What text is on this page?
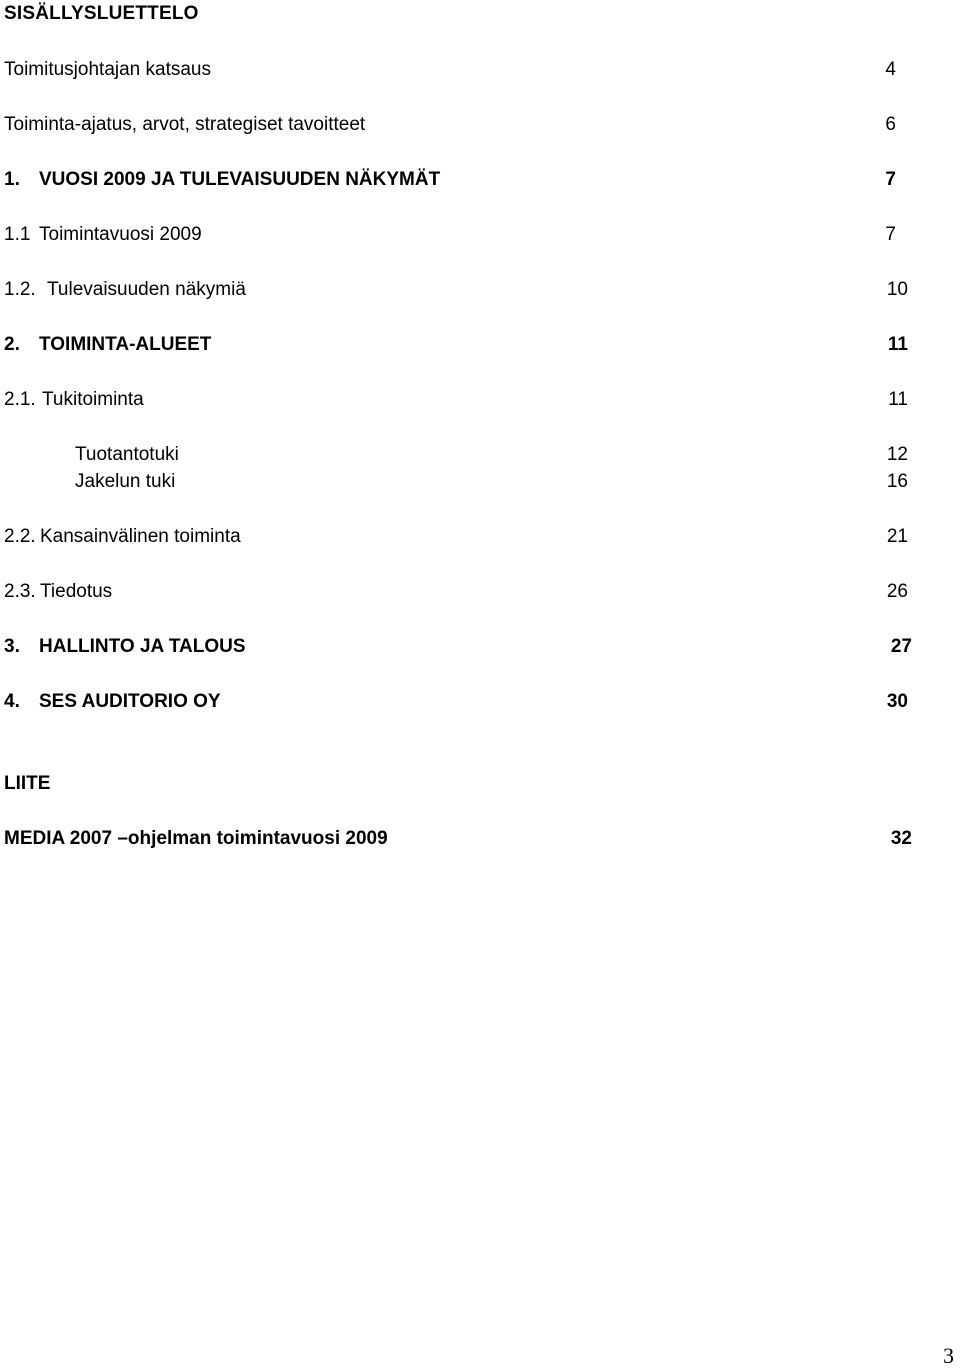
SISÄLLYSLUETTELO
Toimitusjohtajan katsaus	4
Toiminta-ajatus, arvot, strategiset tavoitteet	6
1. VUOSI 2009 JA TULEVAISUUDEN NÄKYMÄT	7
1.1 Toimintavuosi 2009	7
1.2. Tulevaisuuden näkymiä	10
2. TOIMINTA-ALUEET	11
2.1. Tukitoiminta	11
Tuotantotuki	12
Jakelun tuki	16
2.2. Kansainvälinen toiminta	21
2.3. Tiedotus	26
3. HALLINTO JA TALOUS	27
4. SES AUDITORIO OY	30
LIITE
MEDIA 2007 –ohjelman toimintavuosi 2009	32
3
